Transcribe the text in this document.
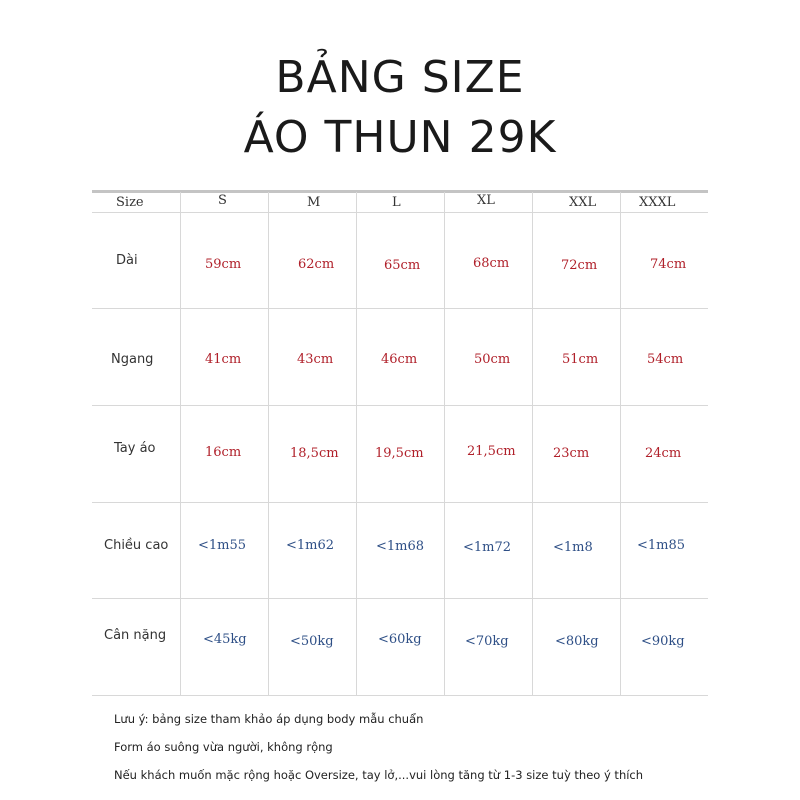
BẢNG SIZE
ÁO THUN 29K
Size	S	M	L	XL	XXL	XXXL
Dài	59cm	62cm	65cm	68cm	72cm	74cm
Ngang	41cm	43cm	46cm	50cm	51cm	54cm
Tay áo	16cm	18,5cm	19,5cm	21,5cm	23cm	24cm
Chiều cao <1m55	<1m62	<1m68	<1m72	<1m8	<1m85
Cân nặng	<45kg	<50kg	<60kg	<70kg	<80kg	<90kg
Lưu ý: bảng size tham khảo áp dụng body mẫu chuẩn
Form áo suông vừa người, không rộng
Nếu khách muốn mặc rộng hoặc Oversize, tay lở,...vui lòng tăng từ 1-3 size tuỳ theo ý thích
